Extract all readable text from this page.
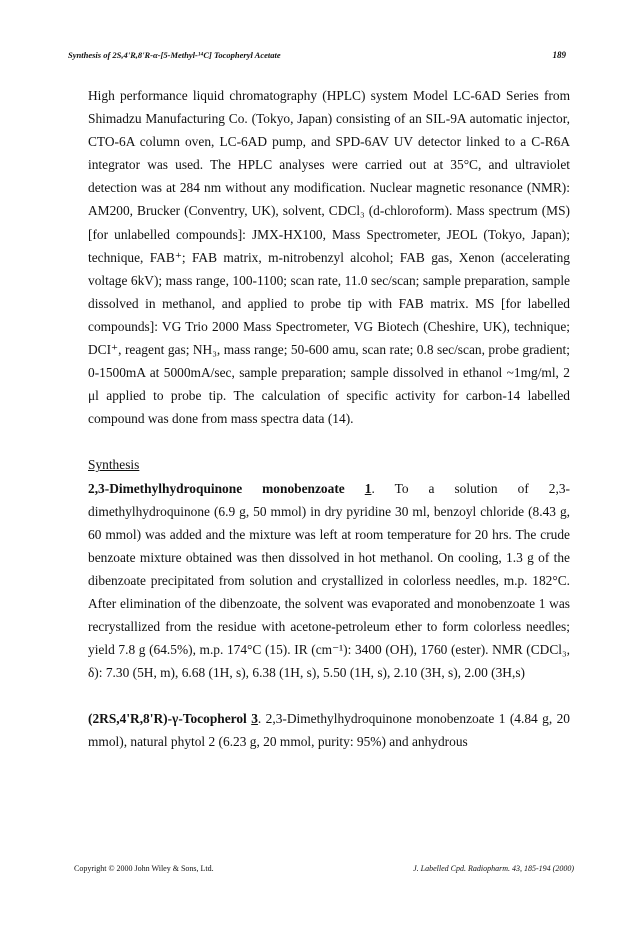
Synthesis of 2S,4'R,8'R-α-[5-Methyl-¹⁴C] Tocopheryl Acetate	189

High performance liquid chromatography (HPLC) system Model LC-6AD Series from Shimadzu Manufacturing Co. (Tokyo, Japan) consisting of an SIL-9A automatic injector, CTO-6A column oven, LC-6AD pump, and SPD-6AV UV detector linked to a C-R6A integrator was used. The HPLC analyses were carried out at 35°C, and ultraviolet detection was at 284 nm without any modification. Nuclear magnetic resonance (NMR): AM200, Brucker (Conventry, UK), solvent, CDCl₃ (d-chloroform). Mass spectrum (MS) [for unlabelled compounds]: JMX-HX100, Mass Spectrometer, JEOL (Tokyo, Japan); technique, FAB⁺; FAB matrix, m-nitrobenzyl alcohol; FAB gas, Xenon (accelerating voltage 6kV); mass range, 100-1100; scan rate, 11.0 sec/scan; sample preparation, sample dissolved in methanol, and applied to probe tip with FAB matrix. MS [for labelled compounds]: VG Trio 2000 Mass Spectrometer, VG Biotech (Cheshire, UK), technique; DCI⁺, reagent gas; NH₃, mass range; 50-600 amu, scan rate; 0.8 sec/scan, probe gradient; 0-1500mA at 5000mA/sec, sample preparation; sample dissolved in ethanol ~1mg/ml, 2 μl applied to probe tip. The calculation of specific activity for carbon-14 labelled compound was done from mass spectra data (14).

Synthesis

2,3-Dimethylhydroquinone monobenzoate 1. To a solution of 2,3-dimethylhydroquinone (6.9 g, 50 mmol) in dry pyridine 30 ml, benzoyl chloride (8.43 g, 60 mmol) was added and the mixture was left at room temperature for 20 hrs. The crude benzoate mixture obtained was then dissolved in hot methanol. On cooling, 1.3 g of the dibenzoate precipitated from solution and crystallized in colorless needles, m.p. 182°C. After elimination of the dibenzoate, the solvent was evaporated and monobenzoate 1 was recrystallized from the residue with acetone-petroleum ether to form colorless needles; yield 7.8 g (64.5%), m.p. 174°C (15). IR (cm⁻¹): 3400 (OH), 1760 (ester). NMR (CDCl₃, δ): 7.30 (5H, m), 6.68 (1H, s), 6.38 (1H, s), 5.50 (1H, s), 2.10 (3H, s), 2.00 (3H,s)

(2RS,4'R,8'R)-γ-Tocopherol 3. 2,3-Dimethylhydroquinone monobenzoate 1 (4.84 g, 20 mmol), natural phytol 2 (6.23 g, 20 mmol, purity: 95%) and anhydrous

Copyright © 2000 John Wiley & Sons, Ltd.	J. Labelled Cpd. Radiopharm. 43, 185-194 (2000)
